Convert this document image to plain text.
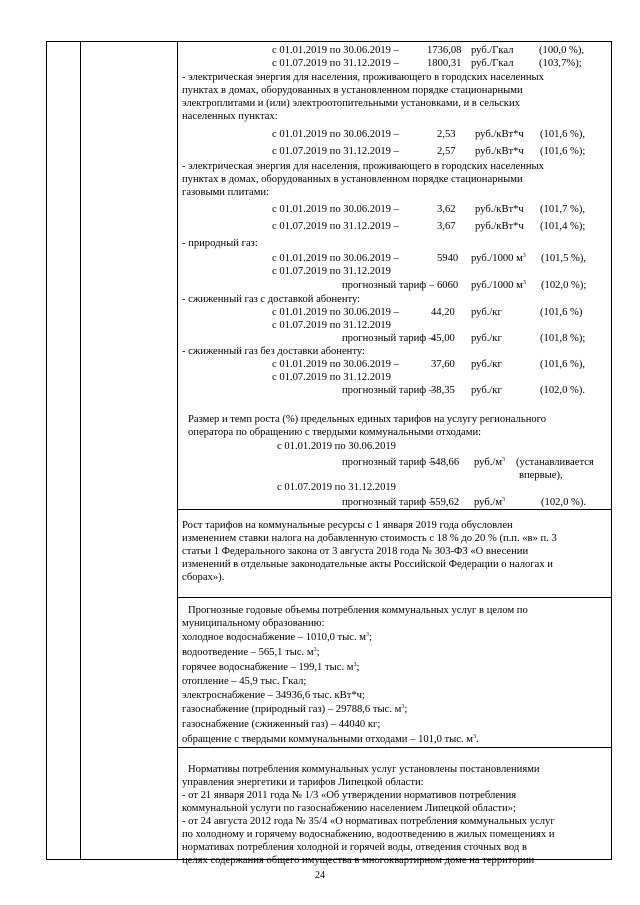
с 01.01.2019 по 30.06.2019 –	1736,08 руб./Гкал (100,0 %),
с 01.07.2019 по 31.12.2019 –	1800,31 руб./Гкал (103,7%);
- электрическая энергия для населения, проживающего в городских населенных
пунктах в домах, оборудованных в установленном порядке стационарными
электроплитами и (или) электроотопительными установками, и в сельских
населенных пунктах:
с 01.01.2019 по 30.06.2019 –	2,53 руб./кВт*ч (101,6 %),
с 01.07.2019 по 31.12.2019 –	2,57 руб./кВт*ч (101,6 %);
- электрическая энергия для населения, проживающего в городских населенных
пунктах в домах, оборудованных в установленном порядке стационарными
газовыми плитами:
с 01.01.2019 по 30.06.2019 –	3,62 руб./кВт*ч (101,7 %),
с 01.07.2019 по 31.12.2019 –	3,67 руб./кВт*ч (101,4 %);
- природный газ:
с 01.01.2019 по 30.06.2019 –	5940 руб./1000 $м^3$ (101,5 %),
с 01.07.2019 по 31.12.2019
прогнозный тариф – 6060 руб./1000 $м^3$ (102,0 %);
- сжиженный газ с доставкой абоненту:
с 01.01.2019 по 30.06.2019 –	44,20 руб./кг	(101,6 %)
с 01.07.2019 по 31.12.2019
прогнозный тариф –
45,00 руб./кг	(101,8 %);
- сжиженный газ без доставки абоненту:
с 01.01.2019 по 30.06.2019 –	37,60 руб./кг	(101,6 %),
с 01.07.2019 по 31.12.2019
прогнозный тариф –
38,35 руб./кг	(102,0 %).
Размер и темп роста (%) предельных единых тарифов на услугу регионального
оператора по обращению с твердыми коммунальными отходами:
с 01.01.2019 по 30.06.2019
прогнозный тариф –
548,66 $руб./м^3$ (устанавливается
впервые),
с 01.07.2019 по 31.12.2019
прогнозный тариф –
559,62 $руб./м^3$	(102,0 %).
Рост тарифов на коммунальные ресурсы с 1 января 2019 года обусловлен
изменением ставки налога на добавленную стоимость с 18 % до 20 % (п.п. «в» п. 3
статьи 1 Федерального закона от 3 августа 2018 года № 303-ФЗ «О внесении
изменений в отдельные законодательные акты Российской Федерации о налогах и
сборах»).
Прогнозные годовые объемы потребления коммунальных услуг в целом по
муниципальному образованию:
холодное водоснабжение – 1010,0 тыс. $м^3$;
водоотведение – 565,1 тыс. $м^3$;
горячее водоснабжение – 199,1 тыс. $м^3$;
отопление – 45,9 тыс. Гкал;
электроснабжение – 34936,6 тыс. кВт*ч;
газоснабжение (природный газ) – 29788,6 тыс. $м^3$;
газоснабжение (сжиженный газ) – 44040 кг;
обращение с твердыми коммунальными отходами – 101,0 тыс. $м^3$.
Нормативы потребления коммунальных услуг установлены постановлениями
управления энергетики и тарифов Липецкой области:
- от 21 января 2011 года № 1/3 «Об утверждении нормативов потребления
коммунальной услуги по газоснабжению населением Липецкой области»;
- от 24 августа 2012 года № 35/4 «О нормативах потребления коммунальных услуг
по холодному и горячему водоснабжению, водоотведению в жилых помещениях и
нормативах потребления холодной и горячей воды, отведения сточных вод в
целях содержания общего имущества в многоквартирном доме на территории
24
